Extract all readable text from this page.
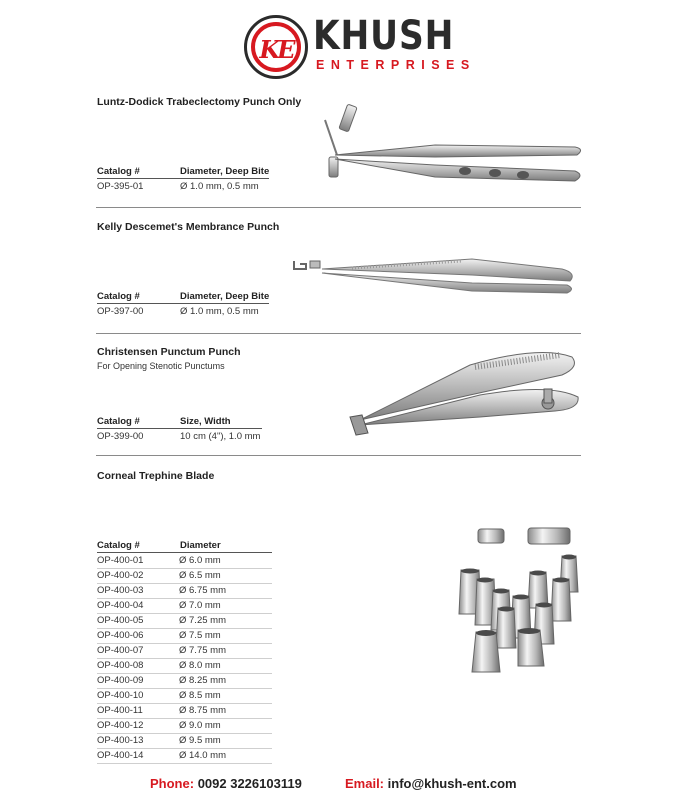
KE KHUSH
ENTERPRISES
Luntz-Dodick Trabeclectomy Punch Only
Catalog #	Diameter, Deep Bite
OP-395-01	Ø 1.0 mm, 0.5 mm
Kelly Descemet's Membrance Punch
Catalog #	Diameter, Deep Bite
OP-397-00	Ø 1.0 mm, 0.5 mm
Christensen Punctum Punch
For Opening Stenotic Punctums
Catalog #	Size, Width
OP-399-00	10 cm (4"), 1.0 mm
Corneal Trephine Blade
Catalog #	Diameter
OP-400-01	Ø 6.0 mm
OP-400-02	Ø 6.5 mm
OP-400-03	Ø 6.75 mm
OP-400-04	Ø 7.0 mm
OP-400-05	Ø 7.25 mm
OP-400-06	Ø 7.5 mm
OP-400-07	Ø 7.75 mm
OP-400-08	Ø 8.0 mm
OP-400-09	Ø 8.25 mm
OP-400-10	Ø 8.5 mm
OP-400-11	Ø 8.75 mm
OP-400-12	Ø 9.0 mm
OP-400-13	Ø 9.5 mm
OP-400-14	Ø 14.0 mm
Phone: 0092 3226103119	Email: info@khush-ent.com
